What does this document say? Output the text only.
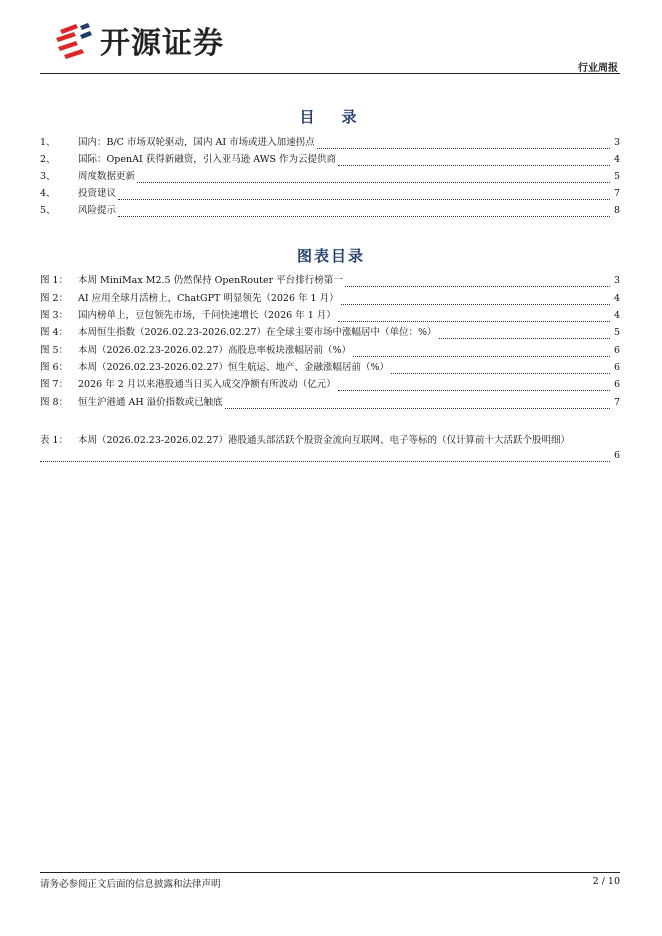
开源证券
行业周报
目　录
1、	国内：B/C 市场双轮驱动，国内 AI 市场或进入加速拐点	3
2、	国际：OpenAI 获得新融资，引入亚马逊 AWS 作为云提供商	4
3、	周度数据更新	5
4、	投资建议	7
5、	风险提示	8
图表目录
图 1：	本周 MiniMax M2.5 仍然保持 OpenRouter 平台排行榜第一	3
图 2：	AI 应用全球月活榜上，ChatGPT 明显领先（2026 年 1 月）	4
图 3：	国内榜单上，豆包领先市场，千问快速增长（2026 年 1 月）	4
图 4：	本周恒生指数（2026.02.23-2026.02.27）在全球主要市场中涨幅居中（单位：%）	5
图 5：	本周（2026.02.23-2026.02.27）高股息率板块涨幅居前（%）	6
图 6：	本周（2026.02.23-2026.02.27）恒生航运、地产、金融涨幅居前（%）	6
图 7：	2026 年 2 月以来港股通当日买入成交净额有所波动（亿元）	6
图 8：	恒生沪港通 AH 溢价指数或已触底	7
表 1：	本周（2026.02.23-2026.02.27）港股通头部活跃个股资金流向互联网、电子等标的（仅计算前十大活跃个股明细）
6
请务必参阅正文后面的信息披露和法律声明	2 / 10
